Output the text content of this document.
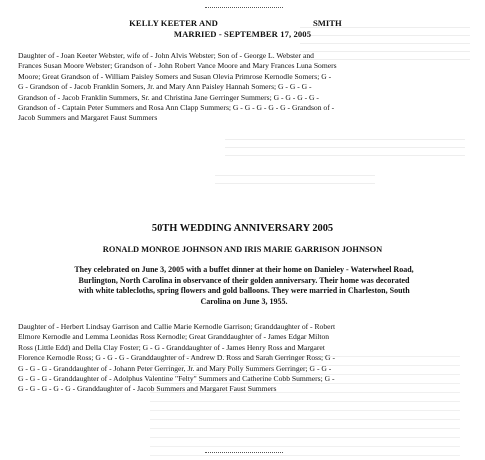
KELLY KEETER AND	SMITH
MARRIED - SEPTEMBER 17, 2005
Daughter of - Joan Keeter Webster, wife of - John Alvis Webster; Son of - George L. Webster and
Frances Susan Moore Webster; Grandson of - John Robert Vance Moore and Mary Frances Luna Somers
Moore; Great Grandson of - William Paisley Somers and Susan Olevia Primrose Kernodle Somers; G -
G - Grandson of - Jacob Franklin Somers, Jr. and Mary Ann Paisley Hannah Somers; G - G - G -
Grandson of - Jacob Franklin Summers, Sr. and Christina Jane Gerringer Summers; G - G - G - G -
Grandson of - Captain Peter Summers and Rosa Ann Clapp Summers; G - G - G - G - G - Grandson of -
Jacob Summers and Margaret Faust Summers
50TH WEDDING ANNIVERSARY 2005
RONALD MONROE JOHNSON AND IRIS MARIE GARRISON JOHNSON
They celebrated on June 3, 2005 with a buffet dinner at their home on Danieley - Waterwheel Road,
Burlington, North Carolina in observance of their golden anniversary. Their home was decorated
with white tablecloths, spring flowers and gold balloons. They were married in Charleston, South
Carolina on June 3, 1955.
Daughter of - Herbert Lindsay Garrison and Callie Marie Kernodle Garrison; Granddaughter of - Robert
Elmore Kernodle and Lemma Leonidas Ross Kernodle; Great Granddaughter of - James Edgar Milton
Ross (Little Edd) and Della Clay Foster; G - G - Granddaughter of - James Henry Ross and Margaret
Florence Kernodle Ross; G - G - G - Granddaughter of - Andrew D. Ross and Sarah Gerringer Ross; G -
G - G - G - Granddaughter of - Johann Peter Gerringer, Jr. and Mary Polly Summers Gerringer; G - G -
G - G - G - Granddaughter of - Adolphus Valentine "Felty" Summers and Catherine Cobb Summers; G -
G - G - G - G - G - Granddaughter of - Jacob Summers and Margaret Faust Summers
